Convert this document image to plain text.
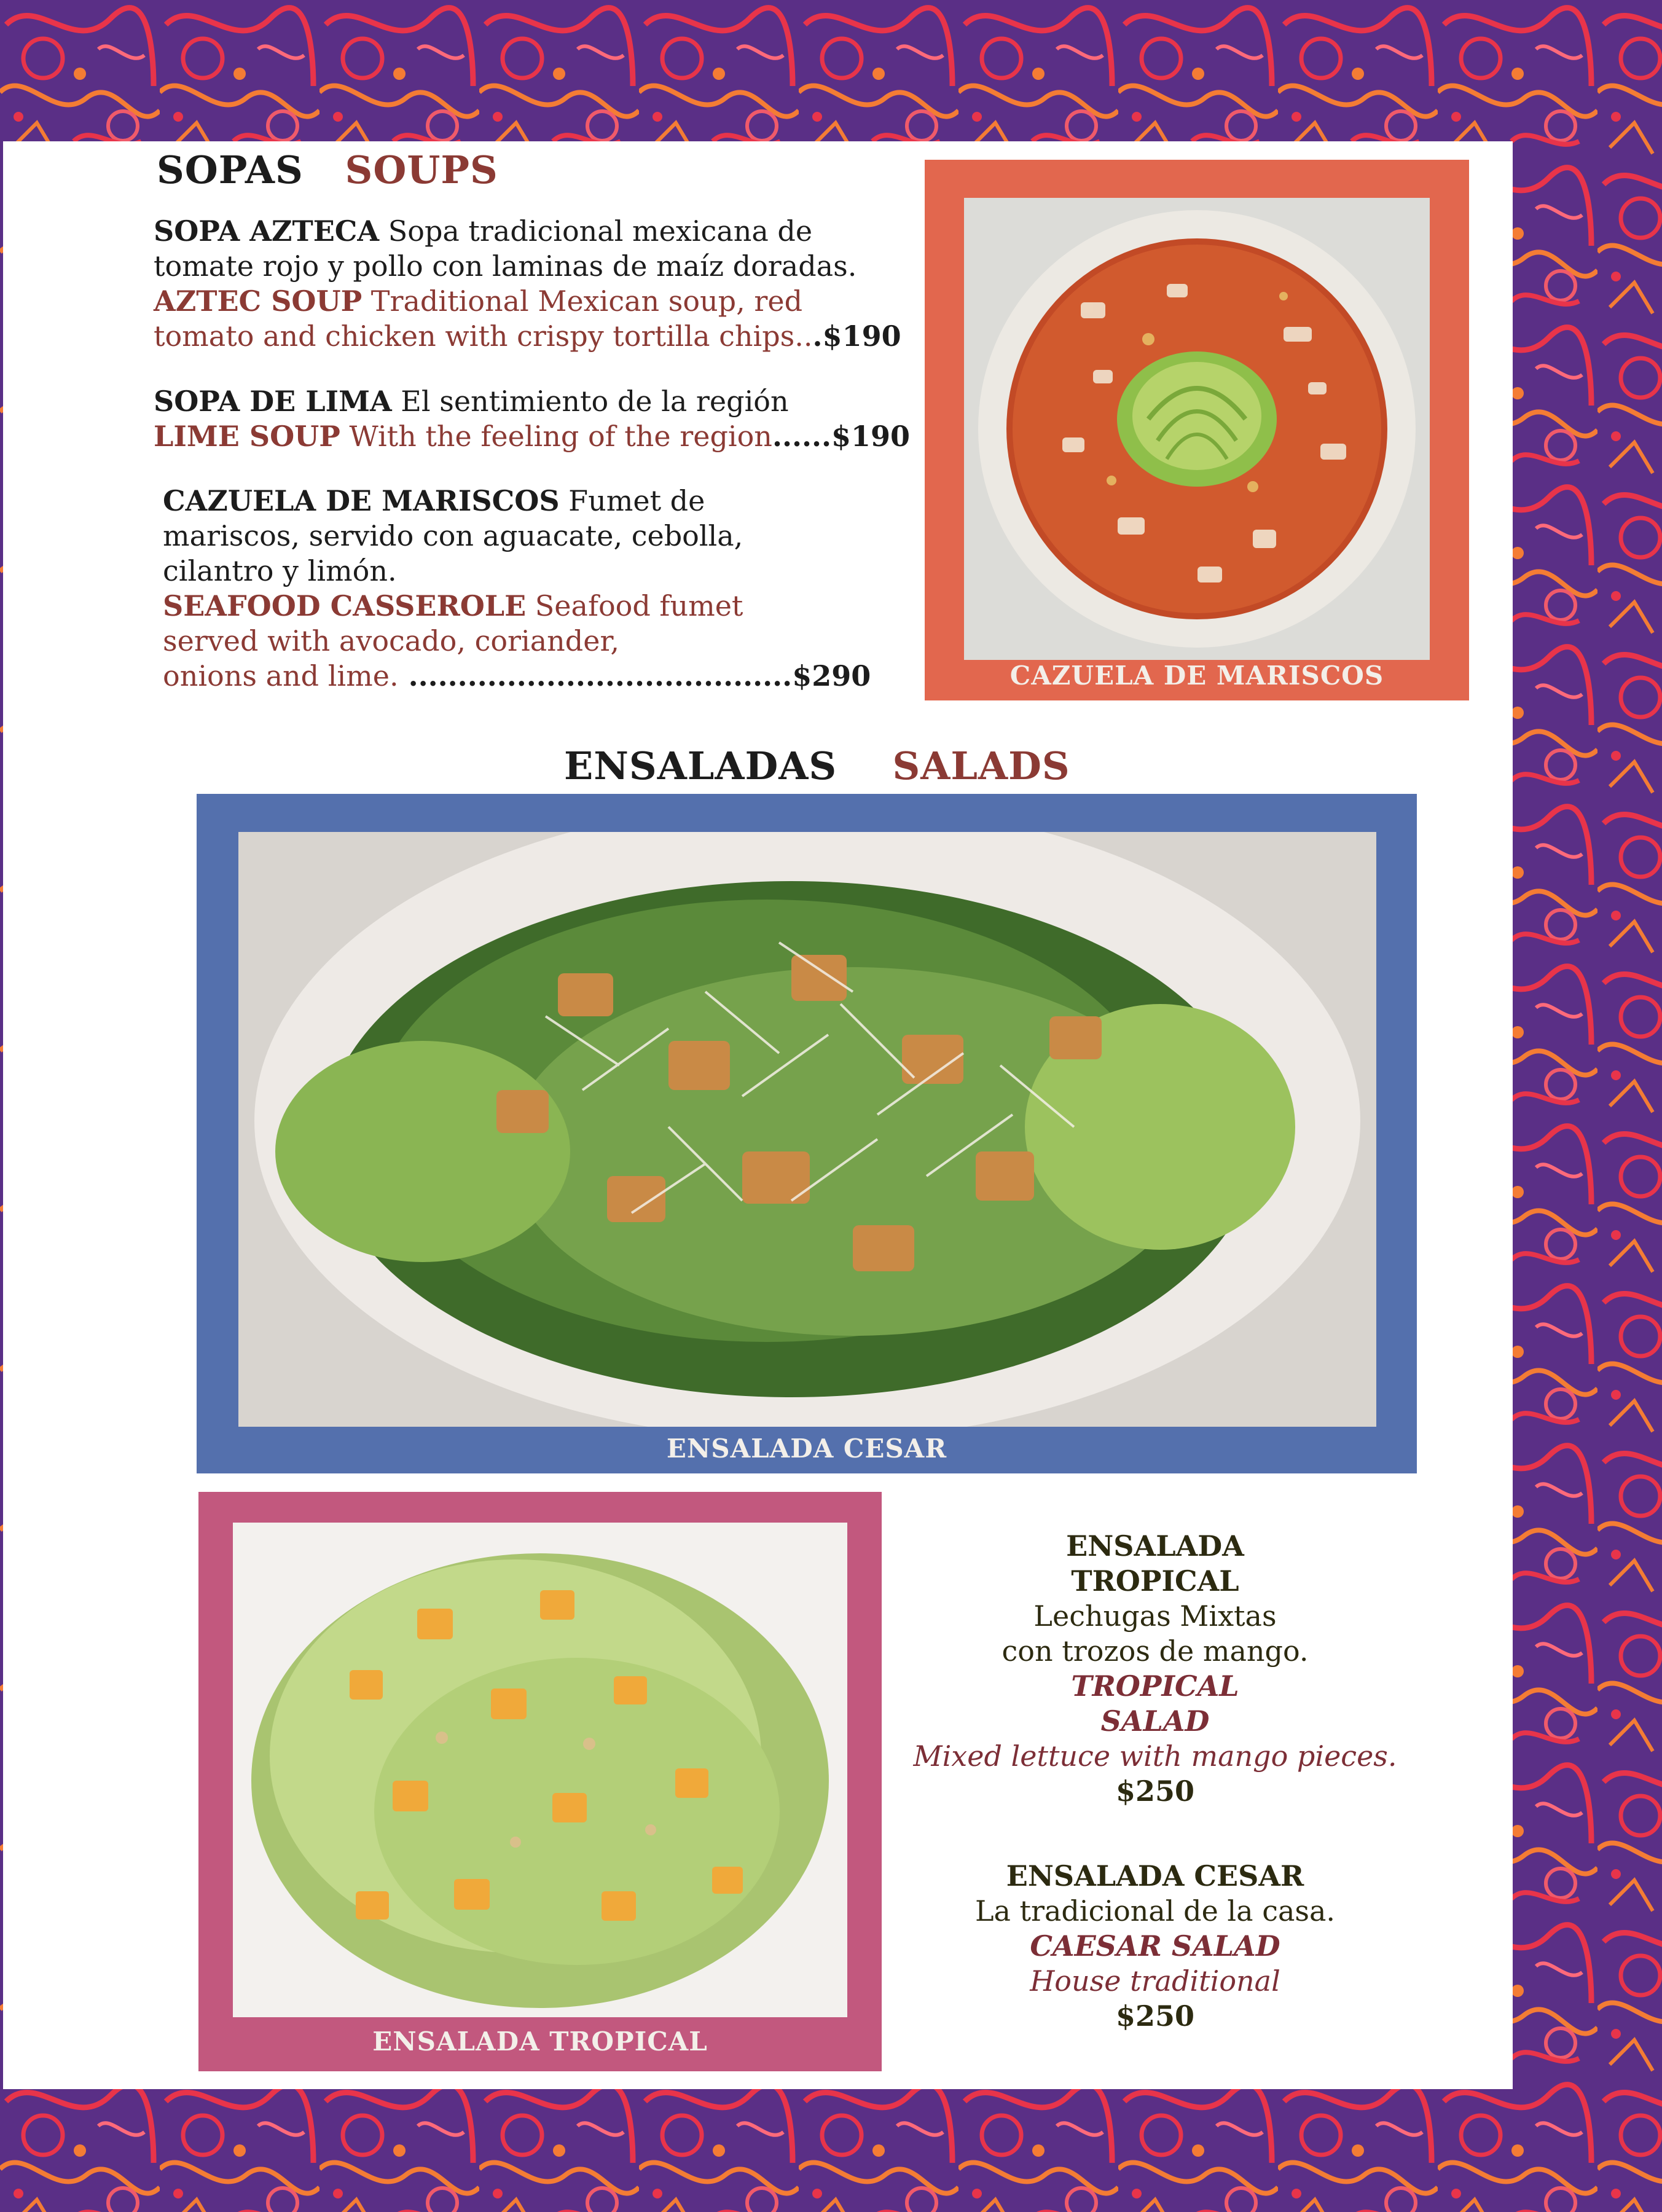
SOPAS SOUPS
SOPA AZTECA Sopa tradicional mexicana de
tomate rojo y pollo con laminas de maíz doradas.
AZTEC SOUP Traditional Mexican soup, red
tomato and chicken with crispy tortilla chips...$190
SOPA DE LIMA El sentimiento de la región
LIME SOUP With the feeling of the region......$190
CAZUELA DE MARISCOS Fumet de
mariscos, servido con aguacate, cebolla,
cilantro y limón.
SEAFOOD CASSEROLE Seafood fumet
served with avocado, coriander,
onions and lime. .......................................$290	CAZUELA DE MARISCOS
ENSALADAS SALADS
ENSALADA CESAR
ENSALADA TROPICAL
ENSALADA
TROPICAL
Lechugas Mixtas
con trozos de mango.
TROPICAL
SALAD
Mixed lettuce with mango pieces.
$250
ENSALADA CESAR
La tradicional de la casa.
CAESAR SALAD
House traditional
$250
